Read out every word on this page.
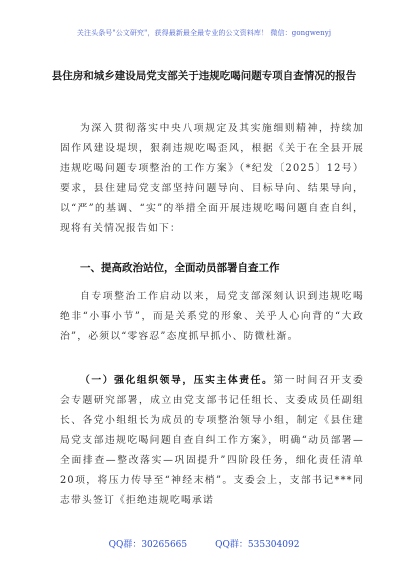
关注头条号"公文研究"，获得最新最全最专业的公文资料库！ 微信：gongwenyj
县住房和城乡建设局党支部关于违规吃喝问题专项自查情况的报告
为深入贯彻落实中央八项规定及其实施细则精神，持续加固作风建设堤坝，狠刹违规吃喝歪风，根据《关于在全县开展违规吃喝问题专项整治的工作方案》（*纪发〔2025〕12号）要求，县住建局党支部坚持问题导向、目标导向、结果导向，以“严”的基调、“实”的举措全面开展违规吃喝问题自查自纠，现将有关情况报告如下：
一、提高政治站位，全面动员部署自查工作
自专项整治工作启动以来，局党支部深刻认识到违规吃喝绝非“小事小节”，而是关系党的形象、关乎人心向背的“大政治”，必须以“零容忍”态度抓早抓小、防微杜渐。
（一）强化组织领导，压实主体责任。第一时间召开支委会专题研究部署，成立由党支部书记任组长、支委成员任副组长、各党小组组长为成员的专项整治领导小组，制定《县住建局党支部违规吃喝问题自查自纠工作方案》，明确“动员部署—全面排查—整改落实—巩固提升”四阶段任务，细化责任清单20项，将压力传导至“神经末梢”。支委会上，支部书记***同志带头签订《拒绝违规吃喝承诺
QQ群：30265665	QQ群：535304092
